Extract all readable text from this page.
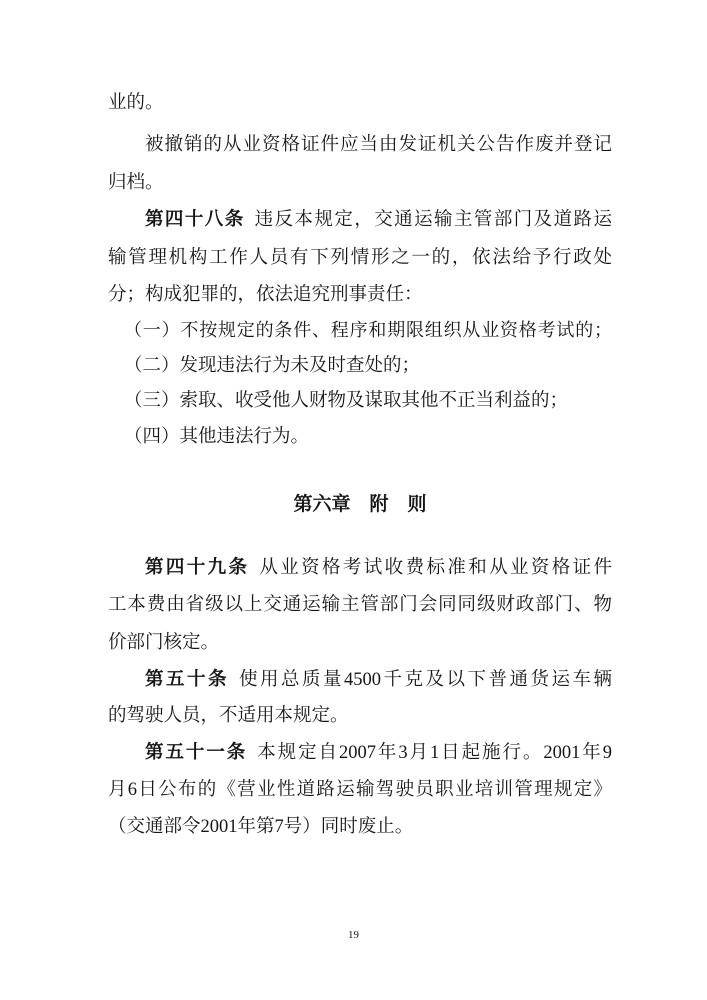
业的。
被撤销的从业资格证件应当由发证机关公告作废并登记
归档。
第四十八条 违反本规定，交通运输主管部门及道路运
输管理机构工作人员有下列情形之一的，依法给予行政处
分；构成犯罪的，依法追究刑事责任：
（一）不按规定的条件、程序和期限组织从业资格考试的；
（二）发现违法行为未及时查处的；
（三）索取、收受他人财物及谋取其他不正当利益的；
（四）其他违法行为。
第六章　附　则
第四十九条 从业资格考试收费标准和从业资格证件
工本费由省级以上交通运输主管部门会同同级财政部门、物
价部门核定。
第五十条 使用总质量4500千克及以下普通货运车辆
的驾驶人员，不适用本规定。
第五十一条 本规定自2007年3月1日起施行。2001年9
月6日公布的《营业性道路运输驾驶员职业培训管理规定》
（交通部令2001年第7号）同时废止。
19
